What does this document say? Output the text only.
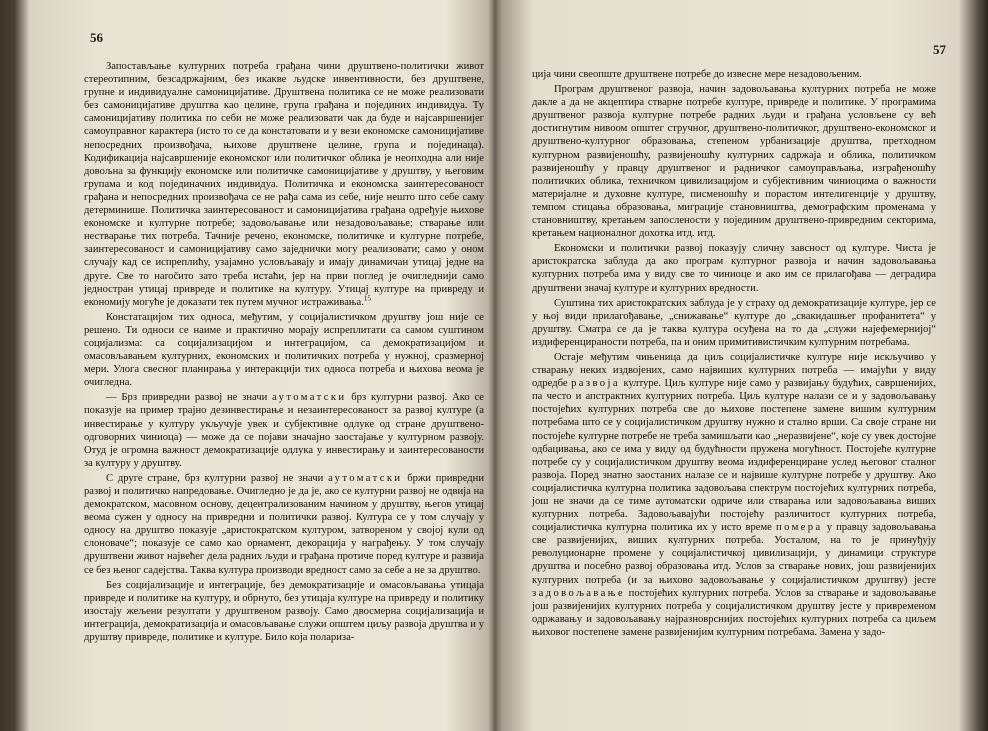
56

Запостављање културних потреба грађана чини друштвено-политички живот стереотипним, безсадржајним, без икакве људске инвентивности, без друштвене, групне и индивидуалне самоницијативе. Друштвена политика се не може реализовати без самоницијативе друштва као целине, група грађана и појединих индивидуа. Ту самоницијативу политика по себи не може реализовати чак да буде и најсавршенијег самоуправног карактера (исто то се да констатовати и у вези економске самоницијативе непосредних произвођача, њихове друштвене целине, група и појединаца). Кодификација најсавршеније економског или политичког облика је неопходна али није довољна за функцију економске или политичке самоницијативе у друштву, у његовим групама и код појединачних индивидуа. Политичка и економска заинтересованост грађана и непосредних произвођача се не рађа сама из себе, није нешто што себе саму детерминише. Политичка заинтересованост и самоницијатива грађана одређује њихове економске и културне потребе; задовољавање или незадовољавање; стварање или нестварање тих потреба. Тачније речено, економске, политичке и културне потребе, заинтересованост и самоницијативу само заједнички могу реализовати; само у оном случају кад се испреплићу, узајамно условљавају и имају динамичан утицај једне на друге. Све то наročито зато треба истаћи, јер на први поглед је очигледнији само једностран утицај привреде и политике на културу. Утицај културе на привреду и економију могуће је доказати тек путем мучног истраживања.$^{15}$

Констатацијом тих односа, међутим, у социјалистичком друштву још није се решено. Ти односи се наиме и практично морају испреплитати са самом суштином социјализма: са социјализацијом и интеграцијом, са демократизацијом и омасовљавањем културних, економских и политичких потреба у нужној, сразмерној мери. Улога свесног планирања у интеракцији тих односа потреба и њихова веома је очигледна.

— Брз привредни развој не значи аутоматски брз културни развој. Ако се показује на пример трајно дезинвестирање и незаинтересованост за развој културе (а инвестирање у културу укључује увек и субјективне одлуке од стране друштвено-одговорних чиниоца) — може да се појави значајно заостајање у културном развоју. Отуд је огромна важност демократизације одлука у инвестирању и заинтересованости за културу у друштву.

С друге стране, брз културни развој не значи аутоматски бржи привредни развој и политичко напредовање. Очигледно је да је, ако се културни развој не одвија на демократском, масовном основу, децентрализованим начином у друштву, његов утицај веома сужен у односу на привредни и политички развој. Култура се у том случају у односу на друштво показује „аристократском културом, затвореном у својој кули од слоноваче“; показује се само као орнамент, декорација у награђењу. У том случају друштвени живот највећег дела радних људи и грађана протиче поред културе и развија се без њеног садејства. Таква култура производи вредност само за себе а не за друштво.

Без социјализације и интеграције, без демократизације и омасовљавања утицаја привреде и политике на културу, и обрнуто, без утицаја културе на привреду и политику изостају жељени резултати у друштвеном развоју. Само двосмерна социјализација и интеграција, демократизација и омасовљавање служи општем циљу развоја друштва и у друштву привреде, политике и културе. Било која поларизa-

57

ција чини свеопште друштвене потребе до извесне мере незадовољеним.

Програм друштвеног развоја, начин задовољавања културних потреба не може дакле а да не акцептира стварне потребе културе, привреде и политике. У програмима друштвеног развоја културне потребе радних људи и грађана условљене су већ достигнутим нивоом општег стручног, друштвено-политичког, друштвено-економског и друштвено-културног образовања, степеном урбанизације друштва, претходном културном развијеношћу, развијеношћу културних садржаја и облика, политичком развијеношћу у правцу друштвеног и радничког самоуправљања, изграђеношћу политичких облика, техничком цивилизацијом и субјективним чиниоцима о важности материјалне и духовне културе, писменошћу и порастом интелигенције у друштву, темпом стицања образовања, миграције становништва, демографским променама у становништву, кретањем запослености у појединим друштвено-привредним секторима, кретањем националног дохотка итд. итд.

Економски и политички развој показују сличну завсност од културе. Чиста је аристократска заблуда да ако програм културног развоја и начин задовољавања културних потреба има у виду све то чиниоце и ако им се прилагођава — деградира друштвени значај културе и културних вредности.

Суштина тих аристократских заблуда је у страху од демократизације културе, јер се у њој види прилагођавање, „снижавање“ културе до „свакидашњег профанитета“ у друштву. Сматра се да је таква култура осуђена на то да „служи најефемернијој“ издиференцираности потреба, па и оним примитивистичким културним потребама.

Остаје међутим чињеница да циљ социјалистичке културе није искључиво у стварању неких издвојених, само највиших културних потреба — имајући у виду одредбе развоја културе. Циљ културе није само у развијању будућих, савршенијих, па често и апстрактних културних потреба. Циљ културе налази се и у задовољавању постојећих културних потреба све до њихове постепене замене вишим културним потребама што се у социјалистичком друштву нужно и стално врши. Са своје стране ни постојеће културне потребе не треба замишљати као „неразвијене“, које су увек достојне одбацивања, ако се има у виду од будућности пружена могућност. Постојеће културне потребе су у социјалистичком друштву веома издиференциране услед његовог сталног развоја. Поред знатно заостаних налазе се и највише културне потребе у друштву. Ако социјалистичка културна политика задовољава спектрум постојећих културних потреба, још не значи да се тиме аутоматски одриче или стварања или задовољавања виших културних потреба. Задовољавајући постојећу различитост културних потреба, социјалистичка културна политика их у исто време помера у правцу задовољавања све развијенијих, виших културних потреба. Уосталом, на то је принуђују револуционарне промене у социјалистичкој цивилизацији, у динамици структуре друштва и посебно развој образовања итд. Услов за стварање нових, још развијенијих културних потреба (и за њихово задовољавање у социјалистичком друштву) јесте задовољавање постојећих културних потреба. Услов за стварање и задовољавање још развијенијих културних потреба у социјалистичком друштву јесте у привременом одржавању и задовољавању најразноврснијих постојећих културних потреба са циљем њиховог постепене замене развијенијим културним потребама. Замена у задо-
